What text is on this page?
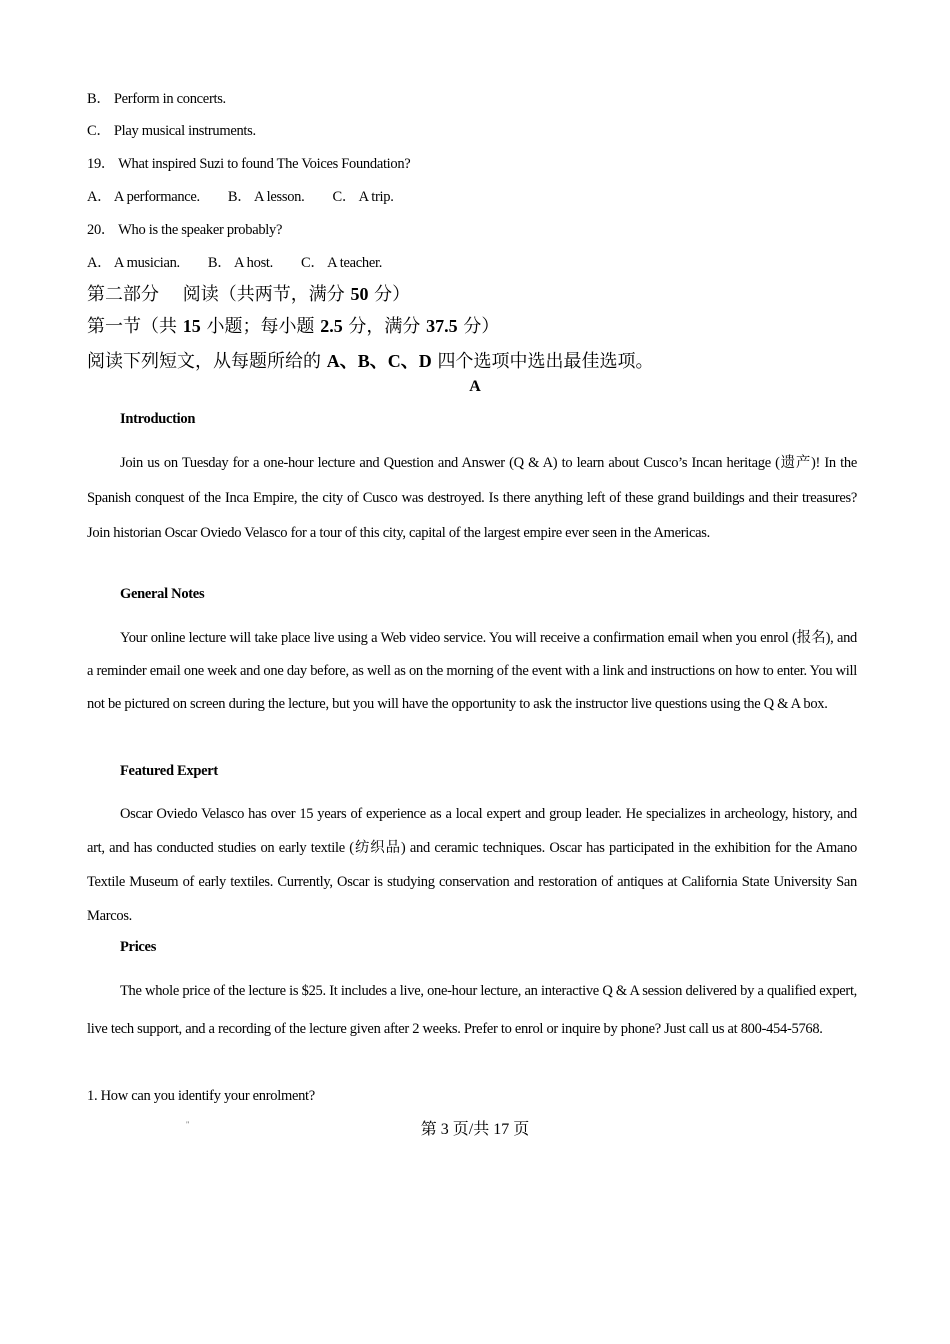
B． Perform in concerts.
C． Play musical instruments.
19． What inspired Suzi to found The Voices Foundation?
A． A performance. B． A lesson. C． A trip.
20． Who is the speaker probably?
A． A musician. B． A host. C． A teacher.
第二部分　 阅读（共两节，满分 50 分）
第一节（共 15 小题；每小题 2.5 分，满分 37.5 分）
阅读下列短文，从每题所给的 A、B、C、D 四个选项中选出最佳选项。
A
Introduction
Join us on Tuesday for a one-hour lecture and Question and Answer (Q & A) to learn about Cusco’s Incan heritage (遗产)! In the Spanish conquest of the Inca Empire, the city of Cusco was destroyed. Is there anything left of these grand buildings and their treasures? Join historian Oscar Oviedo Velasco for a tour of this city, capital of the largest empire ever seen in the Americas.
General Notes
Your online lecture will take place live using a Web video service. You will receive a confirmation email when you enrol (报名), and a reminder email one week and one day before, as well as on the morning of the event with a link and instructions on how to enter. You will not be pictured on screen during the lecture, but you will have the opportunity to ask the instructor live questions using the Q & A box.
Featured Expert
Oscar Oviedo Velasco has over 15 years of experience as a local expert and group leader. He specializes in archeology, history, and art, and has conducted studies on early textile (纺织品) and ceramic techniques. Oscar has participated in the exhibition for the Amano Textile Museum of early textiles. Currently, Oscar is studying conservation and restoration of antiques at California State University San Marcos.
Prices
The whole price of the lecture is $25. It includes a live, one-hour lecture, an interactive Q & A session delivered by a qualified expert, live tech support, and a recording of the lecture given after 2 weeks. Prefer to enrol or inquire by phone? Just call us at 800-454-5768.
1. How can you identify your enrolment?
"	第 3 页/共 17 页
